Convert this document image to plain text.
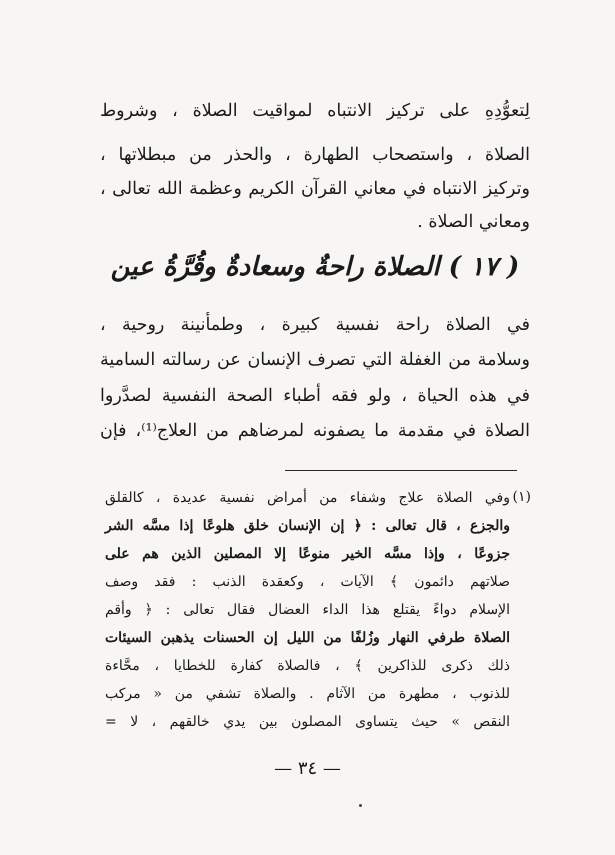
لِتعوُّدِهِ على تركيز الانتباه لمواقيت الصلاة ، وشروط
الصلاة ، واستصحاب الطهارة ، والحذر من مبطلاتها ،
وتركيز الانتباه في معاني القرآن الكريم وعظمة الله تعالى ،
ومعاني الصلاة .
( ١٧ ) الصلاة راحةٌ وسعادةٌ وقُرَّةُ عين
في الصلاة راحة نفسية كبيرة ، وطمأنينة روحية ،
وسلامة من الغفلة التي تصرف الإنسان عن رسالته السامية
في هذه الحياة ، ولو فقه أطباء الصحة النفسية لصدَّروا
الصلاة في مقدمة ما يصفونه لمرضاهم من العلاج⁽¹⁾، فإن
(١)
وفي الصلاة علاج وشفاء من أمراض نفسية عديدة ، كالقلق
والجزع ، قال تعالى : ﴿ إن الإنسان خلق هلوعًا إذا مسَّه الشر
جزوعًا ، وإذا مسَّه الخير منوعًا إلا المصلين الذين هم على
صلاتهم دائمون ﴾ الآيات ، وكعقدة الذنب : فقد وصف
الإسلام دواءً يقتلع هذا الداء العضال فقال تعالى : ﴿ وأقم
الصلاة طرفي النهار وزُلفًا من الليل إن الحسنات يذهبن السيئات
ذلك ذكرى للذاكرين ﴾ ، فالصلاة كفارة للخطايا ، محَّاءة
للذنوب ، مطهرة من الآثام . والصلاة تشفي من « مركب
النقص » حيث يتساوى المصلون بين يدي خالقهم ، لا =
— ٣٤ —
